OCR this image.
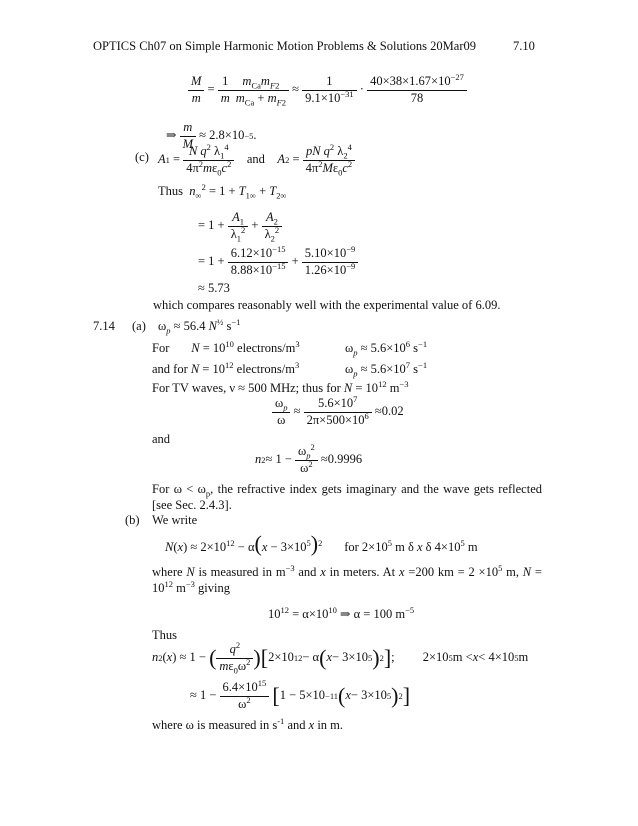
OPTICS Ch07 on Simple Harmonic Motion Problems & Solutions 20Mar09	7.10
$\frac{M}{m} = \frac{1}{m} \frac{m_{Ca}m_{F2}}{m_{Ca} + m_{F2}} \approx \frac{1}{9.1\times 10^{-31}} \cdot \frac{40\times 38\times 1.67\times 10^{-27}}{78}$
⇒ $\frac{m}{M} \approx 2.8\times 10 -5$ .
(c) A $1 = \frac{N q^2 \lambda_1^4}{4\pi^2m\varepsilon_0c^2}$
and
A $2 = \frac{pN q^2 \lambda_2^4}{4\pi^2M\varepsilon_0c^2}$
Thus $n_\infty^2 = 1 + T_{1\infty} + T_{2\infty}$
= $1 + \frac{A_1}{\lambda_1^2} + \frac{A_2}{\lambda_2^2}$
= $1 + \frac{6.12\times 10^{-15}}{8.88\times 10^{-15}} + \frac{5.10\times 10^{-9}}{1.26\times 10^{-9}}$
≈ 5.73
which compares reasonably well with the experimental value of 6.09.
7.14 (a) $\omega_p \approx 56.4$ $N^{\frac{1}{2}}$ $s^{-1}$
For $N = 10^{10}$ electrons/$m^3$	$\omega_p \approx 5.6\times 10^6$ $s^{-1}$
and for $N = 10^{12}$ electrons/$m^3$	$\omega_p \approx 5.6\times 10^7$ $s^{-1}$
For TV waves, ν ≈ 500 MHz; thus for $N = 10^{12}$ $m^{-3}$
$\frac{\omega_p}{\omega} \approx \frac{5.6\times 10^7}{2\pi\times 500\times 10^6} \approx 0.02$
and
n $2 \approx 1 - \frac{\omega_p^2}{\omega^2} \approx 0.9996$
For $\omega < \omega_p$, the refractive index gets imaginary and the wave gets reflected [see Sec. 2.4.3].
(b) We write
$N(x) \approx 2\times 10^{12} - \alpha(x - 3\times 10^5)^2$       for $2\times 10^5$ m δ x δ $4\times 10^5$ m
where N is measured in $m^{-3}$ and x in meters. At x =200 km = $2 \times 10^5$ m, $N = 10^{12}$ $m^{-3}$ giving
$10^{12} = \alpha\times 10^{10}$ ⇒ α = 100 $m^{-5}$
Thus
n 2 ( x ) ≈ 1 − ( $\frac{q^2}{m\varepsilon_0\omega^2}$ ) [ 2×10 12 − α ( x − 3×10 5 ) 2 ] ;         2×10 5 m < x < 4×10 5 m
≈ $1 - \frac{6.4\times 10^{15}}{\omega^2}$
[ 1 − 5×10 −11 ( x − 3×10 5 ) 2 ]
where ω is measured in $s^{-1}$ and x in m.
